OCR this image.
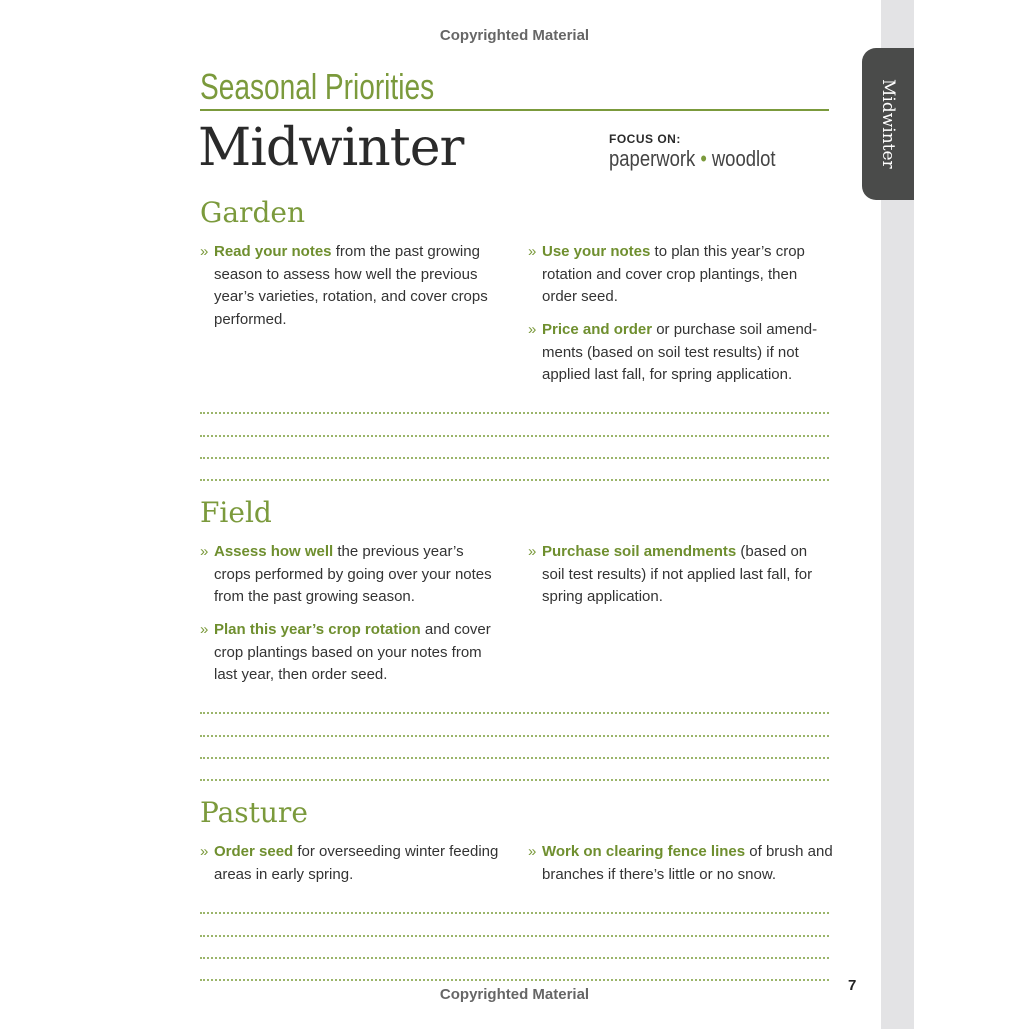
Midwinter
Copyrighted Material
Seasonal Priorities
Midwinter	FOCUS ON:
paperwork • woodlot
Garden
» Read your notes from the past growing season to assess how well the previous year’s varieties, rotation, and cover crops performed.
» Use your notes to plan this year’s crop rotation and cover crop plantings, then order seed.
» Price and order or purchase soil amend-ments (based on soil test results) if not applied last fall, for spring application.
Field
» Assess how well the previous year’s crops performed by going over your notes from the past growing season.
» Plan this year’s crop rotation and cover crop plantings based on your notes from last year, then order seed.
» Purchase soil amendments (based on soil test results) if not applied last fall, for spring application.
Pasture
» Order seed for overseeding winter feeding areas in early spring.
» Work on clearing fence lines of brush and branches if there’s little or no snow.
Copyrighted Material
7
